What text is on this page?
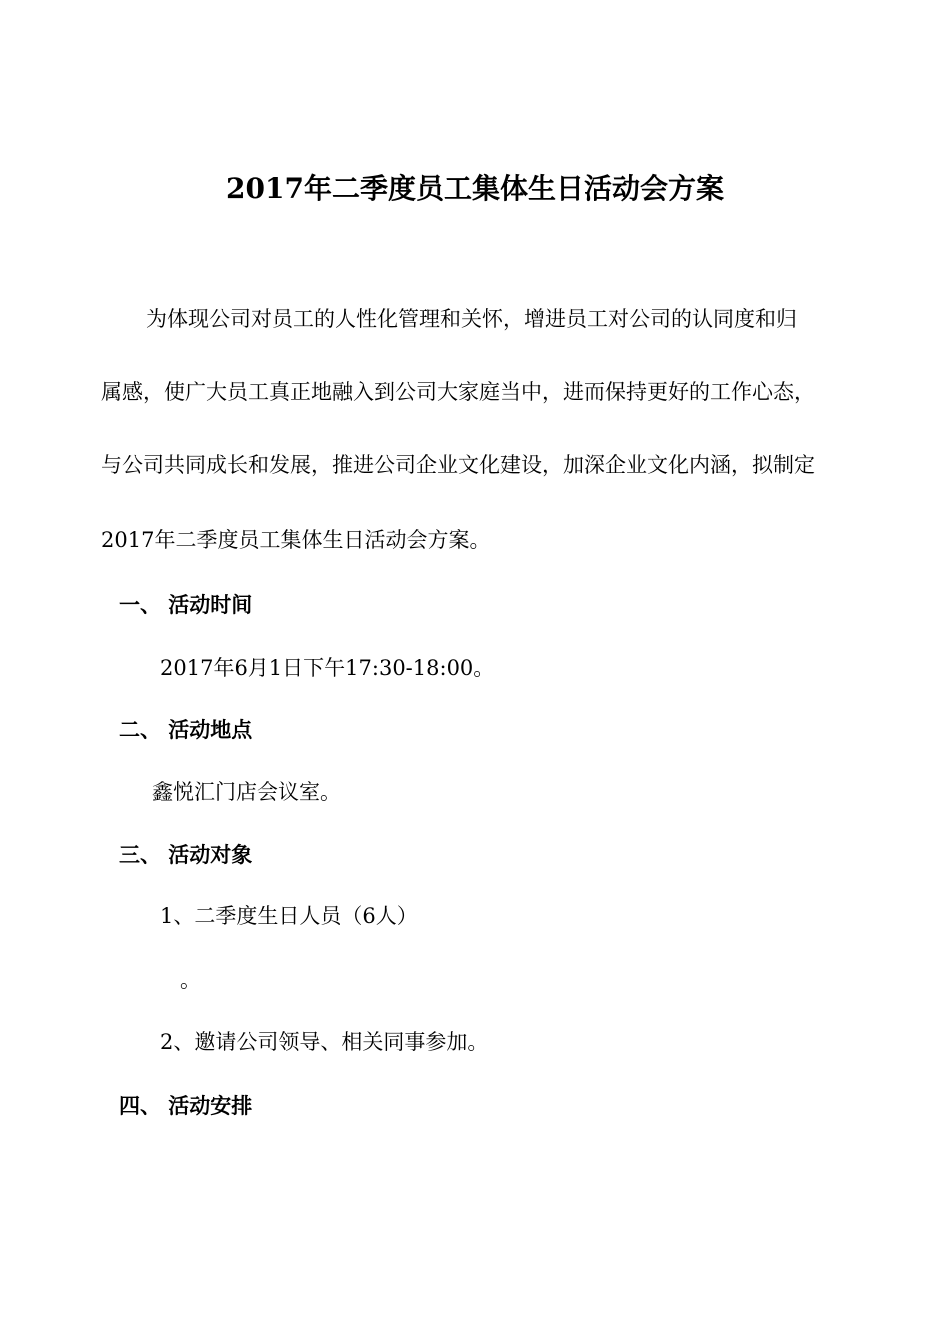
2017年二季度员工集体生日活动会方案
为体现公司对员工的人性化管理和关怀，增进员工对公司的认同度和归
属感，使广大员工真正地融入到公司大家庭当中，进而保持更好的工作心态，
与公司共同成长和发展，推进公司企业文化建设，加深企业文化内涵，拟制定
2017年二季度员工集体生日活动会方案。
一、 活动时间
2017年6月1日下午17:30-18:00。
二、 活动地点
鑫悦汇门店会议室。
三、 活动对象
1、二季度生日人员（6人）
。
2、邀请公司领导、相关同事参加。
四、 活动安排
